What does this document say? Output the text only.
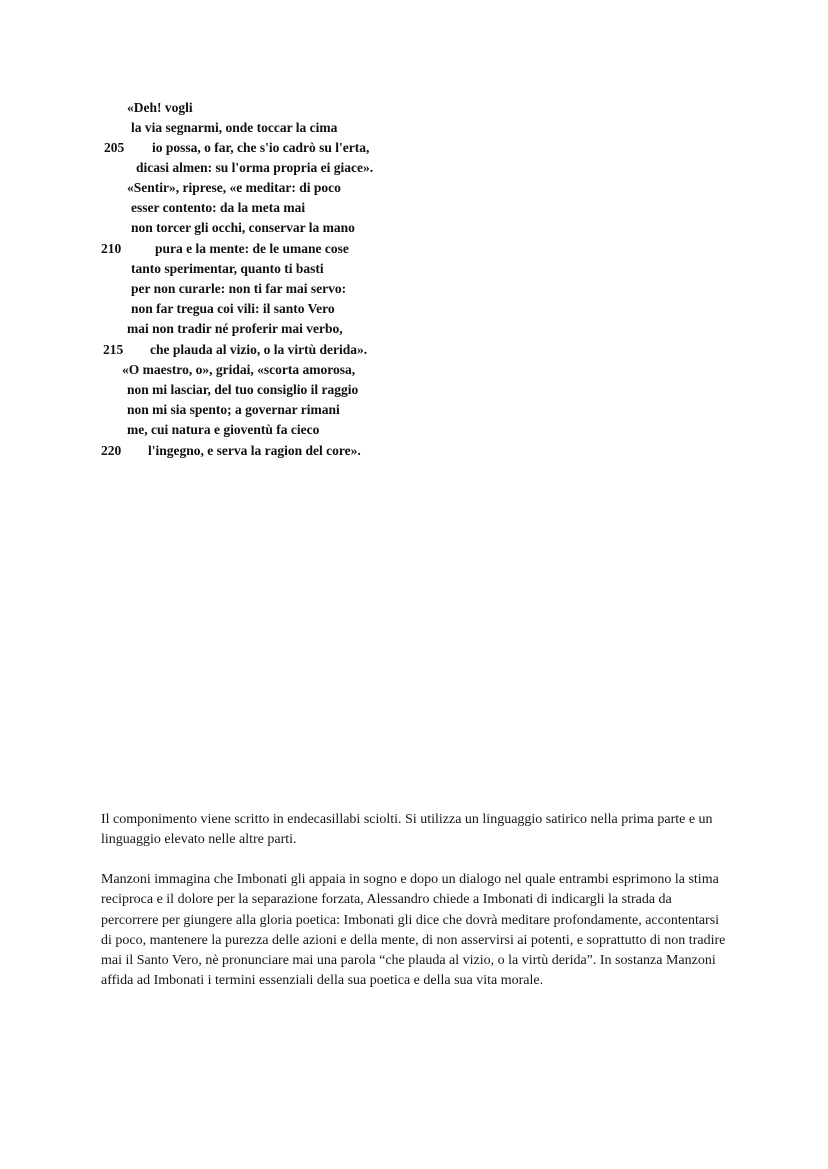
«Deh! vogli
la via segnarmi, onde toccar la cima
205 io possa, o far, che s'io cadrò su l'erta,
dicasi almen: su l'orma propria ei giace».
«Sentir», riprese, «e meditar: di poco
esser contento: da la meta mai
non torcer gli occhi, conservar la mano
210	pura e la mente: de le umane cose
tanto sperimentar, quanto ti basti
per non curarle: non ti far mai servo:
non far tregua coi vili: il santo Vero
mai non tradir né proferir mai verbo,
215 che plauda al vizio, o la virtù derida».
«O maestro, o», gridai, «scorta amorosa,
non mi lasciar, del tuo consiglio il raggio
non mi sia spento; a governar rimani
me, cui natura e gioventù fa cieco
220 l'ingegno, e serva la ragion del core».

Il componimento viene scritto in endecasillabi sciolti. Si utilizza un linguaggio satirico nella prima parte e un linguaggio elevato nelle altre parti.

Manzoni immagina che Imbonati gli appaia in sogno e dopo un dialogo nel quale entrambi esprimono la stima reciproca e il dolore per la separazione forzata, Alessandro chiede a Imbonati di indicargli la strada da percorrere per giungere alla gloria poetica: Imbonati gli dice che dovrà meditare profondamente, accontentarsi di poco, mantenere la purezza delle azioni e della mente, di non asservirsi ai potenti, e soprattutto di non tradire mai il Santo Vero, nè pronunciare mai una parola “che plauda al vizio, o la virtù derida”. In sostanza Manzoni affida ad Imbonati i termini essenziali della sua poetica e della sua vita morale.
